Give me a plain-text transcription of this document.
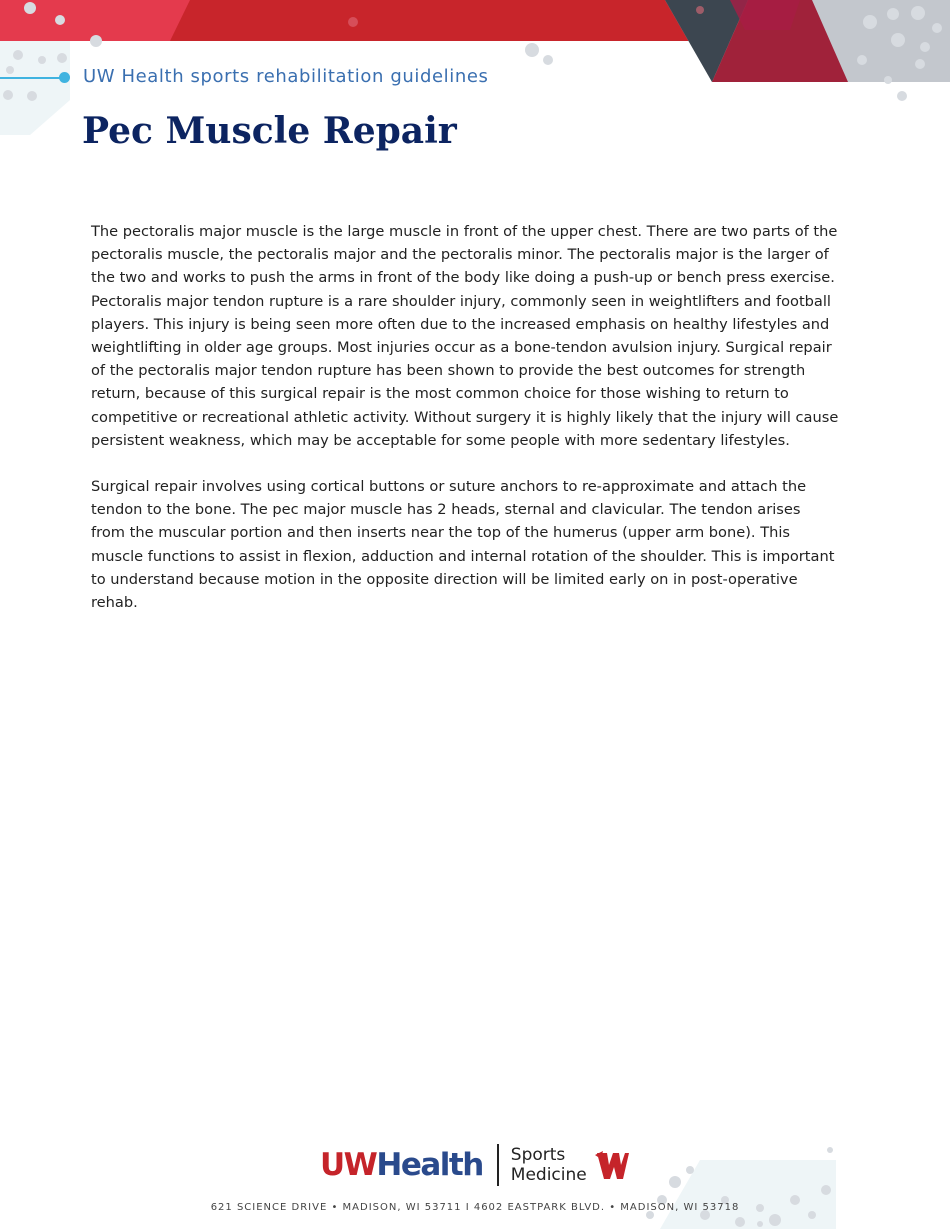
UW Health sports rehabilitation guidelines
Pec Muscle Repair

The pectoralis major muscle is the large muscle in front of the upper chest. There are two parts of the pectoralis muscle, the pectoralis major and the pectoralis minor. The pectoralis major is the larger of the two and works to push the arms in front of the body like doing a push-up or bench press exercise. Pectoralis major tendon rupture is a rare shoulder injury, commonly seen in weightlifters and football players. This injury is being seen more often due to the increased emphasis on healthy lifestyles and weightlifting in older age groups. Most injuries occur as a bone-tendon avulsion injury. Surgical repair of the pectoralis major tendon rupture has been shown to provide the best outcomes for strength return, because of this surgical repair is the most common choice for those wishing to return to competitive or recreational athletic activity. Without surgery it is highly likely that the injury will cause persistent weakness, which may be acceptable for some people with more sedentary lifestyles.

Surgical repair involves using cortical buttons or suture anchors to re-approximate and attach the tendon to the bone. The pec major muscle has 2 heads, sternal and clavicular. The tendon arises from the muscular portion and then inserts near the top of the humerus (upper arm bone). This muscle functions to assist in flexion, adduction and internal rotation of the shoulder. This is important to understand because motion in the opposite direction will be limited early on in post-operative rehab.

UWHealth Sports
Medicine
621 SCIENCE DRIVE • MADISON, WI 53711 I 4602 EASTPARK BLVD. • MADISON, WI 53718
